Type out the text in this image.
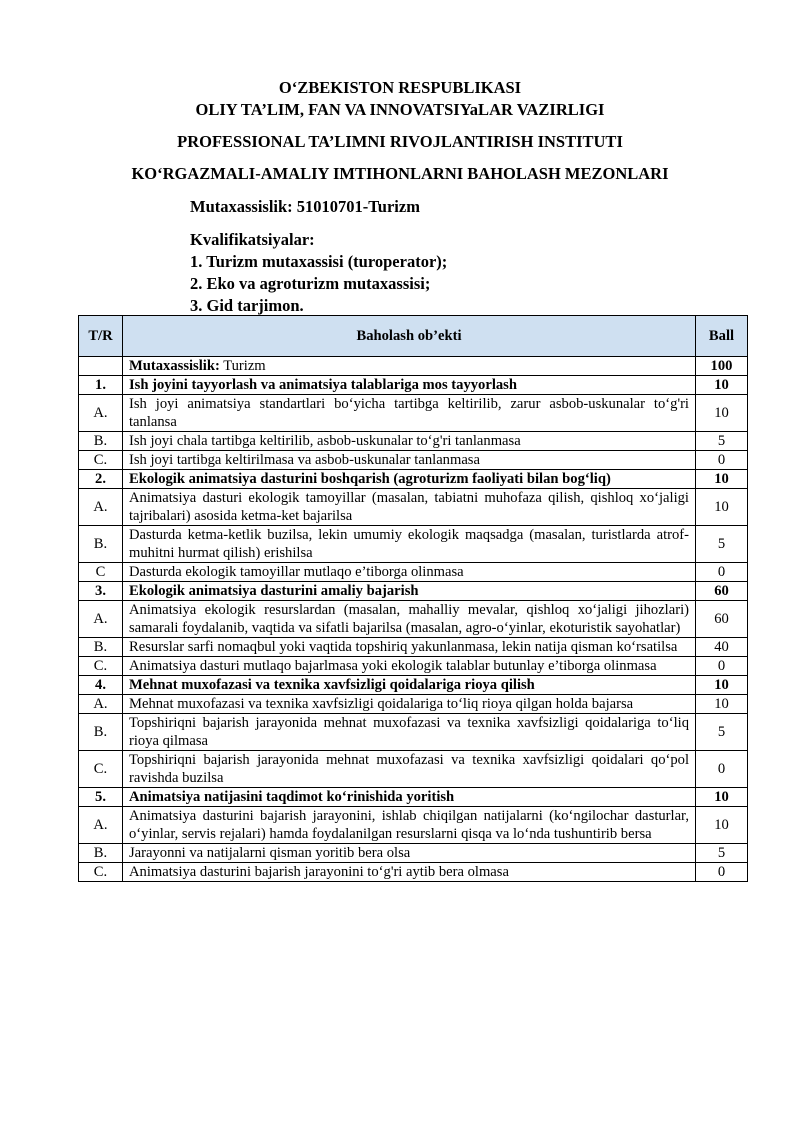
O‘ZBEKISTON RESPUBLIKASI
OLIY TA’LIM, FAN VA INNOVATSIYaLAR VAZIRLIGI
PROFESSIONAL TA’LIMNI RIVOJLANTIRISH INSTITUTI
KO‘RGAZMALI-AMALIY IMTIHONLARNI BAHOLASH MEZONLARI
Mutaxassislik: 51010701-Turizm
Kvalifikatsiyalar:
1. Turizm mutaxassisi (turoperator);
2. Eko va agroturizm mutaxassisi;
3. Gid tarjimon.
T/R	Baholash ob’ekti	Ball
	Mutaxassislik: Turizm	100
1.	Ish joyini tayyorlash va animatsiya talablariga mos tayyorlash	10
A.	Ish joyi animatsiya standartlari bo‘yicha tartibga keltirilib, zarur asbob-uskunalar to‘g'ri tanlansa	10
B.	Ish joyi chala tartibga keltirilib, asbob-uskunalar to‘g'ri tanlanmasa	5
C.	Ish joyi tartibga keltirilmasa va asbob-uskunalar tanlanmasa	0
2.	Ekologik animatsiya dasturini boshqarish (agroturizm faoliyati bilan bog‘liq)	10
A.	Animatsiya dasturi ekologik tamoyillar (masalan, tabiatni muhofaza qilish, qishloq xo‘jaligi tajribalari) asosida ketma-ket bajarilsa	10
B.	Dasturda ketma-ketlik buzilsa, lekin umumiy ekologik maqsadga (masalan, turistlarda atrof-muhitni hurmat qilish) erishilsa	5
C	Dasturda ekologik tamoyillar mutlaqo e’tiborga olinmasa	0
3.	Ekologik animatsiya dasturini amaliy bajarish	60
A.	Animatsiya ekologik resurslardan (masalan, mahalliy mevalar, qishloq xo‘jaligi jihozlari) samarali foydalanib, vaqtida va sifatli bajarilsa (masalan, agro-o‘yinlar, ekoturistik sayohatlar)	60
B.	Resurslar sarfi nomaqbul yoki vaqtida topshiriq yakunlanmasa, lekin natija qisman ko‘rsatilsa	40
C.	Animatsiya dasturi mutlaqo bajarlmasa yoki ekologik talablar butunlay e’tiborga olinmasa	0
4.	Mehnat muxofazasi va texnika xavfsizligi qoidalariga rioya qilish	10
A.	Mehnat muxofazasi va texnika xavfsizligi qoidalariga to‘liq rioya qilgan holda bajarsa	10
B.	Topshiriqni bajarish jarayonida mehnat muxofazasi va texnika xavfsizligi qoidalariga to‘liq rioya qilmasa	5
C.	Topshiriqni bajarish jarayonida mehnat muxofazasi va texnika xavfsizligi qoidalari qo‘pol ravishda buzilsa	0
5.	Animatsiya natijasini taqdimot ko‘rinishida yoritish	10
A.	Animatsiya dasturini bajarish jarayonini, ishlab chiqilgan natijalarni (ko‘ngilochar dasturlar, o‘yinlar, servis rejalari) hamda foydalanilgan resurslarni qisqa va lo‘nda tushuntirib bersa	10
B.	Jarayonni va natijalarni qisman yoritib bera olsa	5
C.	Animatsiya dasturini bajarish jarayonini to‘g'ri aytib bera olmasa	0
